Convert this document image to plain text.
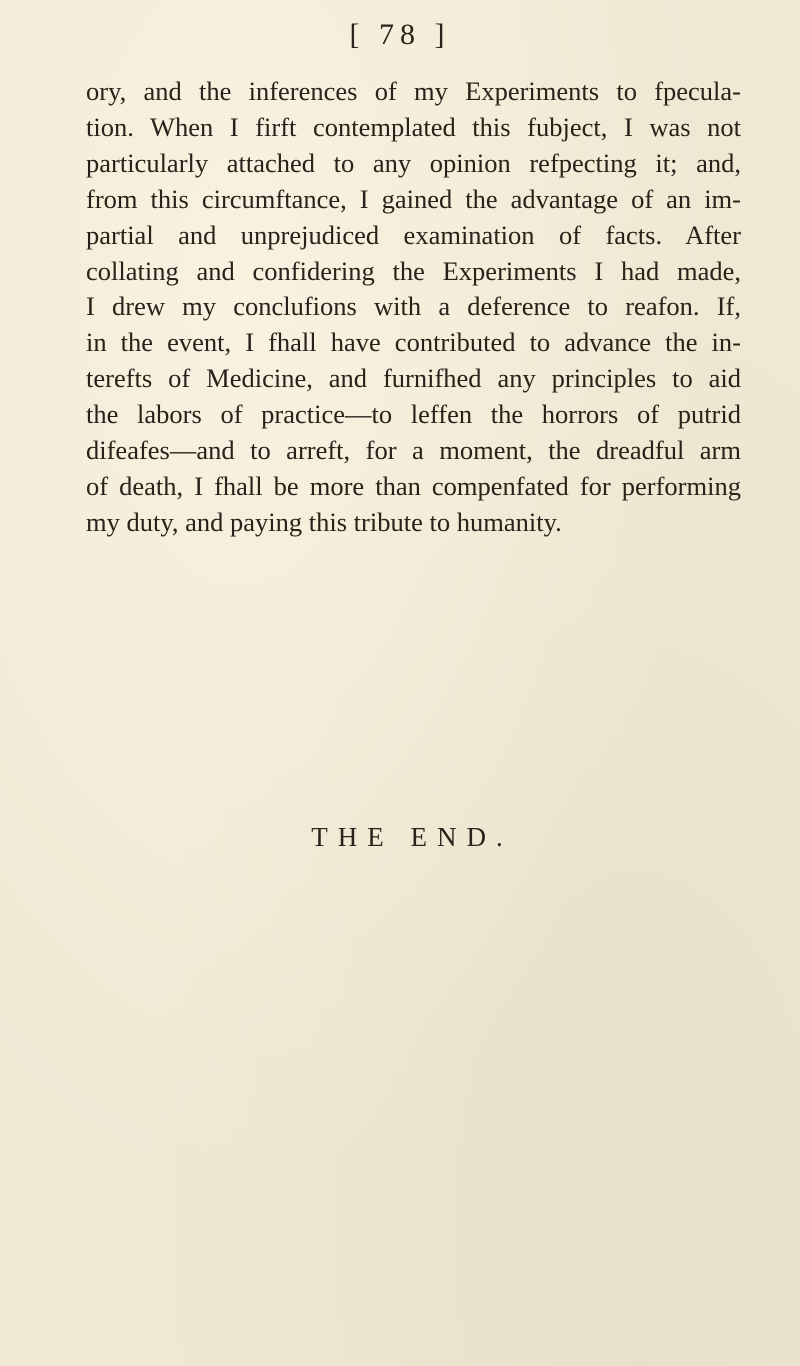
[ 78 ]
ory, and the inferences of my Experiments to fpecula-
tion. When I firft contemplated this fubject, I was not
particularly attached to any opinion refpecting it; and,
from this circumftance, I gained the advantage of an im-
partial and unprejudiced examination of facts. After
collating and confidering the Experiments I had made,
I drew my conclufions with a deference to reafon. If,
in the event, I fhall have contributed to advance the in-
terefts of Medicine, and furnifhed any principles to aid
the labors of practice—to leffen the horrors of putrid
difeafes—and to arreft, for a moment, the dreadful arm
of death, I fhall be more than compenfated for performing
my duty, and paying this tribute to humanity.
THE END.
